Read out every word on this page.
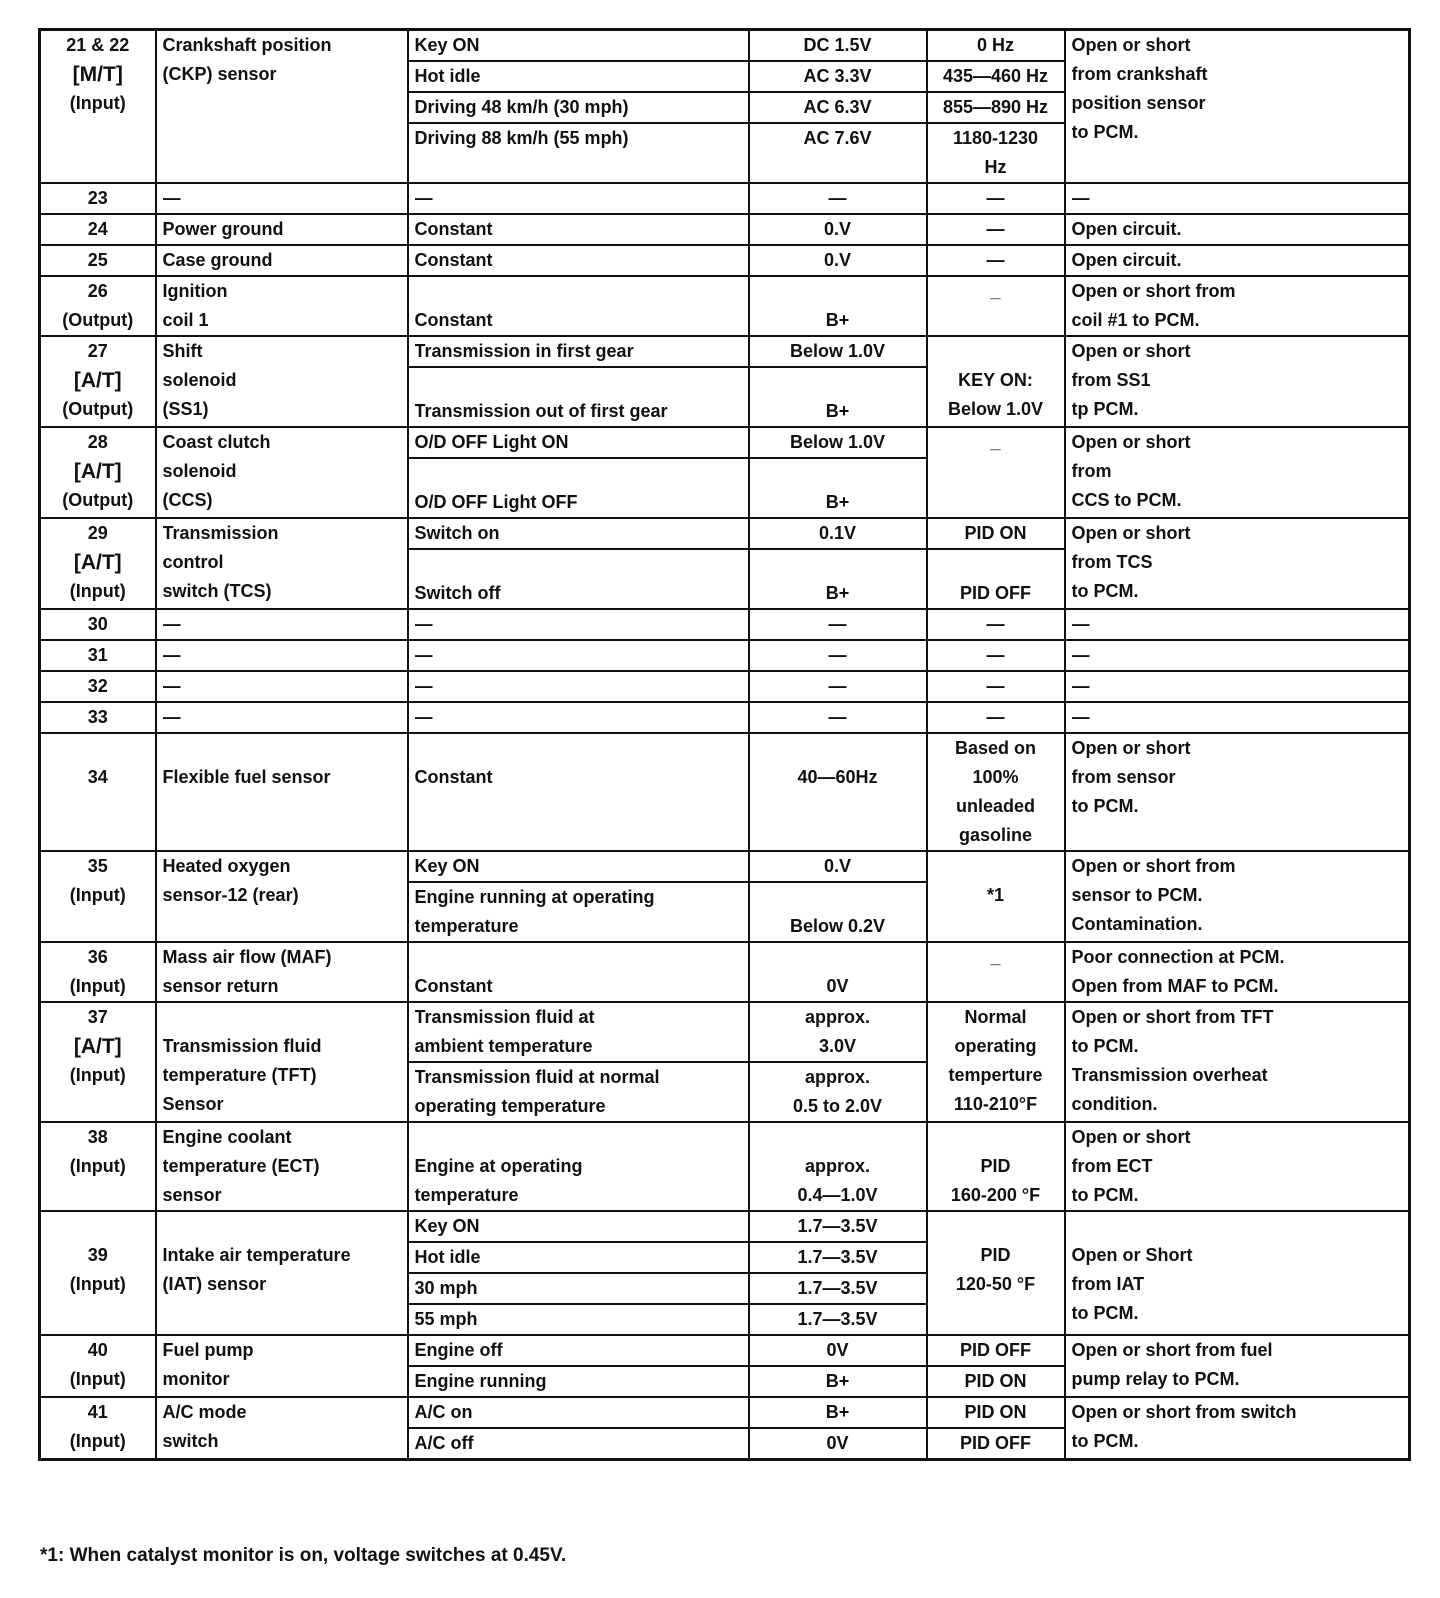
21 & 22
[M/T]
(Input)	Crankshaft position
(CKP) sensor	Key ON	DC 1.5V	0 Hz	Open or short
from crankshaft
position sensor
to PCM.

		Hot idle	AC 3.3V	435—460 Hz	

		Driving 48 km/h (30 mph)	AC 6.3V	855—890 Hz	

		Driving 88 km/h (55 mph)	AC 7.6V	1180-1230
Hz	

23	—	—	—	—	—

24	Power ground	Constant	0.V	—	Open circuit.

25	Case ground	Constant	0.V	—	Open circuit.

26
(Output)	Ignition
coil 1	Constant	B+	_	Open or short from
coil #1 to PCM.

27
[A/T]
(Output)	Shift
solenoid
(SS1)	Transmission in first gear	Below 1.0V	KEY ON:
Below 1.0V	Open or short
from SS1
tp PCM.

		Transmission out of first gear	B+		

28
[A/T]
(Output)	Coast clutch
solenoid
(CCS)	O/D OFF Light ON	Below 1.0V	_	Open or short
from
CCS to PCM.

		O/D OFF Light OFF	B+		

29
[A/T]
(Input)	Transmission
control
switch (TCS)	Switch on	0.1V	PID ON	Open or short
from TCS
to PCM.

		Switch off	B+	PID OFF	

30	—	—	—	—	—

31	—	—	—	—	—

32	—	—	—	—	—

33	—	—	—	—	—

34	Flexible fuel sensor	Constant	40—60Hz	Based on
100%
unleaded
gasoline	Open or short
from sensor
to PCM.

35
(Input)	Heated oxygen
sensor-12 (rear)	Key ON	0.V	*1	Open or short from
sensor to PCM.
Contamination.

		Engine running at operating
temperature	Below 0.2V		

36
(Input)	Mass air flow (MAF)
sensor return	Constant	0V	_	Poor connection at PCM.
Open from MAF to PCM.

37
[A/T]
(Input)	Transmission fluid
temperature (TFT)
Sensor	Transmission fluid at
ambient temperature	approx.
3.0V	Normal
operating
temperture
110-210°F	Open or short from TFT
to PCM.
Transmission overheat
condition.

		Transmission fluid at normal
operating temperature	approx.
0.5 to 2.0V		

38
(Input)	Engine coolant
temperature (ECT)
sensor	Engine at operating
temperature	approx.
0.4—1.0V	PID
160-200 °F	Open or short
from ECT
to PCM.

39
(Input)	Intake air temperature
(IAT) sensor	Key ON	1.7—3.5V	PID
120-50 °F	Open or Short
from IAT
to PCM.

		Hot idle	1.7—3.5V		

		30 mph	1.7—3.5V		

		55 mph	1.7—3.5V		

40
(Input)	Fuel pump
monitor	Engine off	0V	PID OFF	Open or short from fuel
pump relay to PCM.

		Engine running	B+	PID ON	

41
(Input)	A/C mode
switch	A/C on	B+	PID ON	Open or short from switch
to PCM.

		A/C off	0V	PID OFF	
*1: When catalyst monitor is on, voltage switches at 0.45V.
